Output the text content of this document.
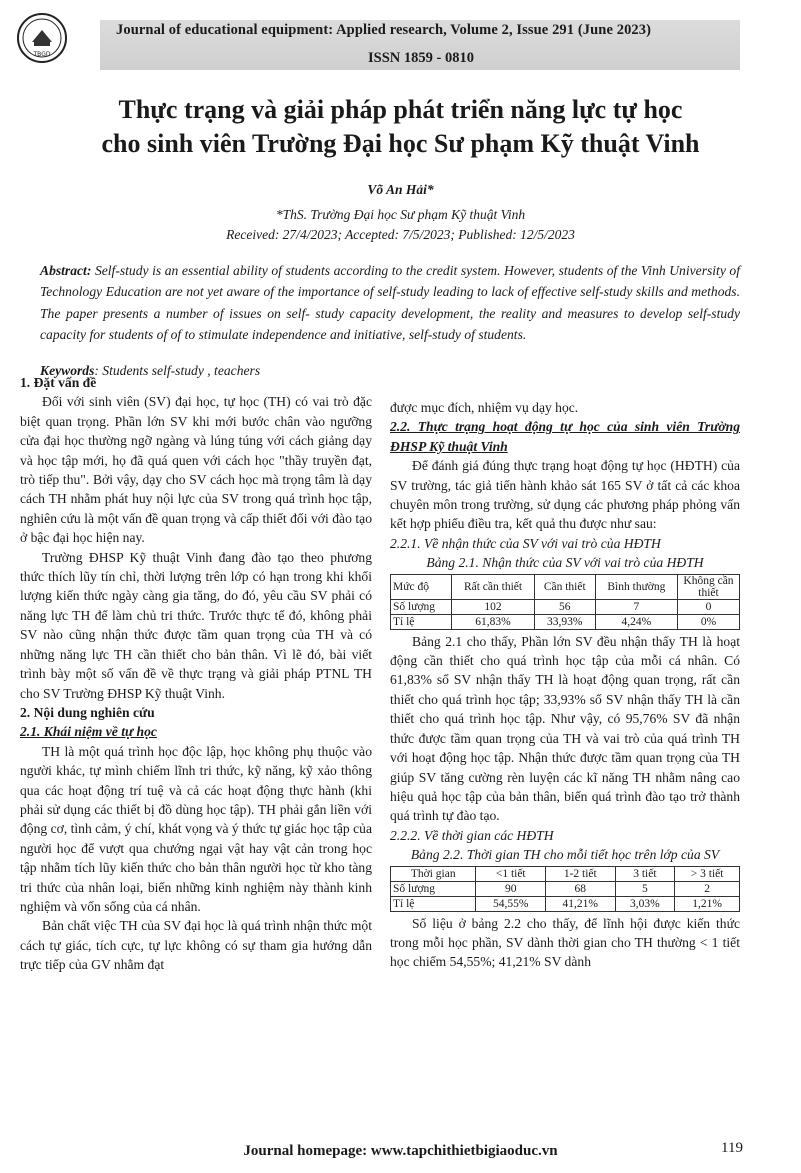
TBGD
Journal of educational equipment: Applied research, Volume 2, Issue 291 (June 2023)
ISSN 1859 - 0810
Thực trạng và giải pháp phát triển năng lực tự học
cho sinh viên Trường Đại học Sư phạm Kỹ thuật Vinh
Võ An Hải*
*ThS. Trường Đại học Sư phạm Kỹ thuật Vinh
Received: 27/4/2023; Accepted: 7/5/2023; Published: 12/5/2023
Abstract: Self-study is an essential ability of students according to the credit system. However, students of the Vinh University of Technology Education are not yet aware of the importance of self-study leading to lack of effective self-study skills and methods. The paper presents a number of issues on self- study capacity development, the reality and measures to develop self-study capacity for students of of to stimulate independence and initiative, self-study of students.
Keywords: Students self-study , teachers

1. Đặt vấn đề

Đối với sinh viên (SV) đại học, tự học (TH) có vai trò đặc biệt quan trọng. Phần lớn SV khi mới bước chân vào ngưỡng cửa đại học thường ngỡ ngàng và lúng túng với cách giảng dạy và học tập mới, họ đã quá quen với cách học "thầy truyền đạt, trò tiếp thu". Bởi vậy, dạy cho SV cách học mà trọng tâm là dạy cách TH nhằm phát huy nội lực của SV trong quá trình học tập, nghiên cứu là một vấn đề quan trọng và cấp thiết đối với đào tạo ở bậc đại học hiện nay.

Trường ĐHSP Kỹ thuật Vinh đang đào tạo theo phương thức thích lũy tín chỉ, thời lượng trên lớp có hạn trong khi khối lượng kiến thức ngày càng gia tăng, do đó, yêu cầu SV phải có năng lực TH để làm chủ tri thức. Trước thực tế đó, không phải SV nào cũng nhận thức được tầm quan trọng của TH và có những năng lực TH cần thiết cho bản thân. Vì lẽ đó, bài viết trình bày một số vấn đề về thực trạng và giải pháp PTNL TH cho SV Trường ĐHSP Kỹ thuật Vinh.

2. Nội dung nghiên cứu

2.1. Khái niệm về tự học

TH là một quá trình học độc lập, học không phụ thuộc vào người khác, tự mình chiếm lĩnh tri thức, kỹ năng, kỹ xảo thông qua các hoạt động trí tuệ và cả các hoạt động thực hành (khi phải sử dụng các thiết bị đồ dùng học tập). TH phải gắn liền với động cơ, tình cảm, ý chí, khát vọng và ý thức tự giác học tập của người học để vượt qua chướng ngại vật hay vật cản trong học tập nhằm tích lũy kiến thức cho bản thân người học từ kho tàng tri thức của nhân loại, biến những kinh nghiệm này thành kinh nghiệm và vốn sống của cá nhân.

Bản chất việc TH của SV đại học là quá trình nhận thức một cách tự giác, tích cực, tự lực không có sự tham gia hướng dẫn trực tiếp của GV nhằm đạt

được mục đích, nhiệm vụ dạy học.

2.2. Thực trạng hoạt động tự học của sinh viên Trường ĐHSP Kỹ thuật Vinh

Để đánh giá đúng thực trạng hoạt động tự học (HĐTH) của SV trường, tác giả tiến hành khảo sát 165 SV ở tất cả các khoa chuyên môn trong trường, sử dụng các phương pháp phỏng vấn kết hợp phiếu điều tra, kết quả thu được như sau:

2.2.1. Về nhận thức của SV với vai trò của HĐTH

Bảng 2.1. Nhận thức của SV với vai trò của HĐTH

Mức độ	Rất cần thiết	Cần thiết	Bình thường	Không cần thiết
Số lượng	102	56	7	0
Tỉ lệ	61,83%	33,93%	4,24%	0%

Bảng 2.1 cho thấy, Phần lớn SV đều nhận thấy TH là hoạt động cần thiết cho quá trình học tập của mỗi cá nhân. Có 61,83% số SV nhận thấy TH là hoạt động quan trọng, rất cần thiết cho quá trình học tập; 33,93% số SV nhận thấy TH là cần thiết cho quá trình học tập. Như vậy, có 95,76% SV đã nhận thức được tầm quan trọng của TH và vai trò của quá trình TH với hoạt động học tập. Nhận thức được tầm quan trọng của TH giúp SV tăng cường rèn luyện các kĩ năng TH nhằm nâng cao hiệu quả học tập của bản thân, biến quá trình đào tạo trở thành quá trình tự đào tạo.

2.2.2. Về thời gian các HĐTH

Bảng 2.2. Thời gian TH cho mỗi tiết học trên lớp của SV

Thời gian	<1 tiết	1-2 tiết	3 tiết	> 3 tiết
Số lượng	90	68	5	2
Tỉ lệ	54,55%	41,21%	3,03%	1,21%

Số liệu ở bảng 2.2 cho thấy, để lĩnh hội được kiến thức trong mỗi học phần, SV dành thời gian cho TH thường < 1 tiết học chiếm 54,55%; 41,21% SV dành

Journal homepage: www.tapchithietbigiaoduc.vn	119
